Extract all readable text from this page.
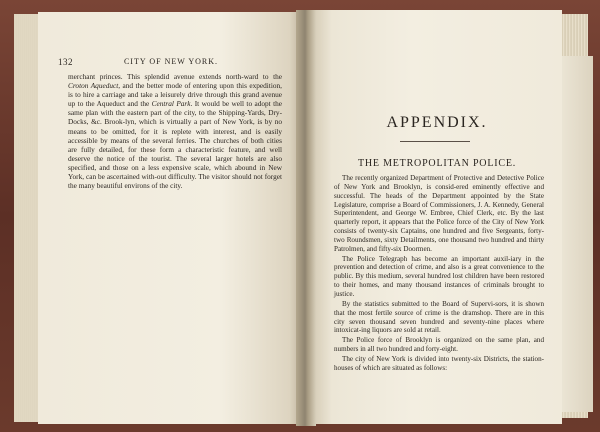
132	CITY OF NEW YORK.

merchant princes. This splendid avenue extends north-ward to the Croton Aqueduct, and the better mode of entering upon this expedition, is to hire a carriage and take a leisurely drive through this grand avenue up to the Aqueduct and the Central Park. It would be well to adopt the same plan with the eastern part of the city, to the Shipping-Yards, Dry-Docks, &c. Brook-lyn, which is virtually a part of New York, is by no means to be omitted, for it is replete with interest, and is easily accessible by means of the several ferries. The churches of both cities are fully detailed, for these form a characteristic feature, and well deserve the notice of the tourist. The several larger hotels are also specified, and those on a less expensive scale, which abound in New York, can be ascertained with-out difficulty. The visitor should not forget the many beautiful environs of the city.

APPENDIX.
THE METROPOLITAN POLICE.

The recently organized Department of Protective and Detective Police of New York and Brooklyn, is consid-ered eminently effective and successful. The heads of the Department appointed by the State Legislature, comprise a Board of Commissioners, J. A. Kennedy, General Superintendent, and George W. Embree, Chief Clerk, etc. By the last quarterly report, it appears that the Police force of the City of New York consists of twenty-six Captains, one hundred and five Sergeants, forty-two Roundsmen, sixty Detailments, one thousand two hundred and thirty Patrolmen, and fifty-six Doormen.

The Police Telegraph has become an important auxil-iary in the prevention and detection of crime, and also is a great convenience to the public. By this medium, several hundred lost children have been restored to their homes, and many thousand instances of criminals brought to justice.

By the statistics submitted to the Board of Supervi-sors, it is shown that the most fertile source of crime is the dramshop. There are in this city seven thousand seven hundred and seventy-nine places where intoxicat-ing liquors are sold at retail.

The Police force of Brooklyn is organized on the same plan, and numbers in all two hundred and forty-eight.

The city of New York is divided into twenty-six Districts, the station-houses of which are situated as follows:
